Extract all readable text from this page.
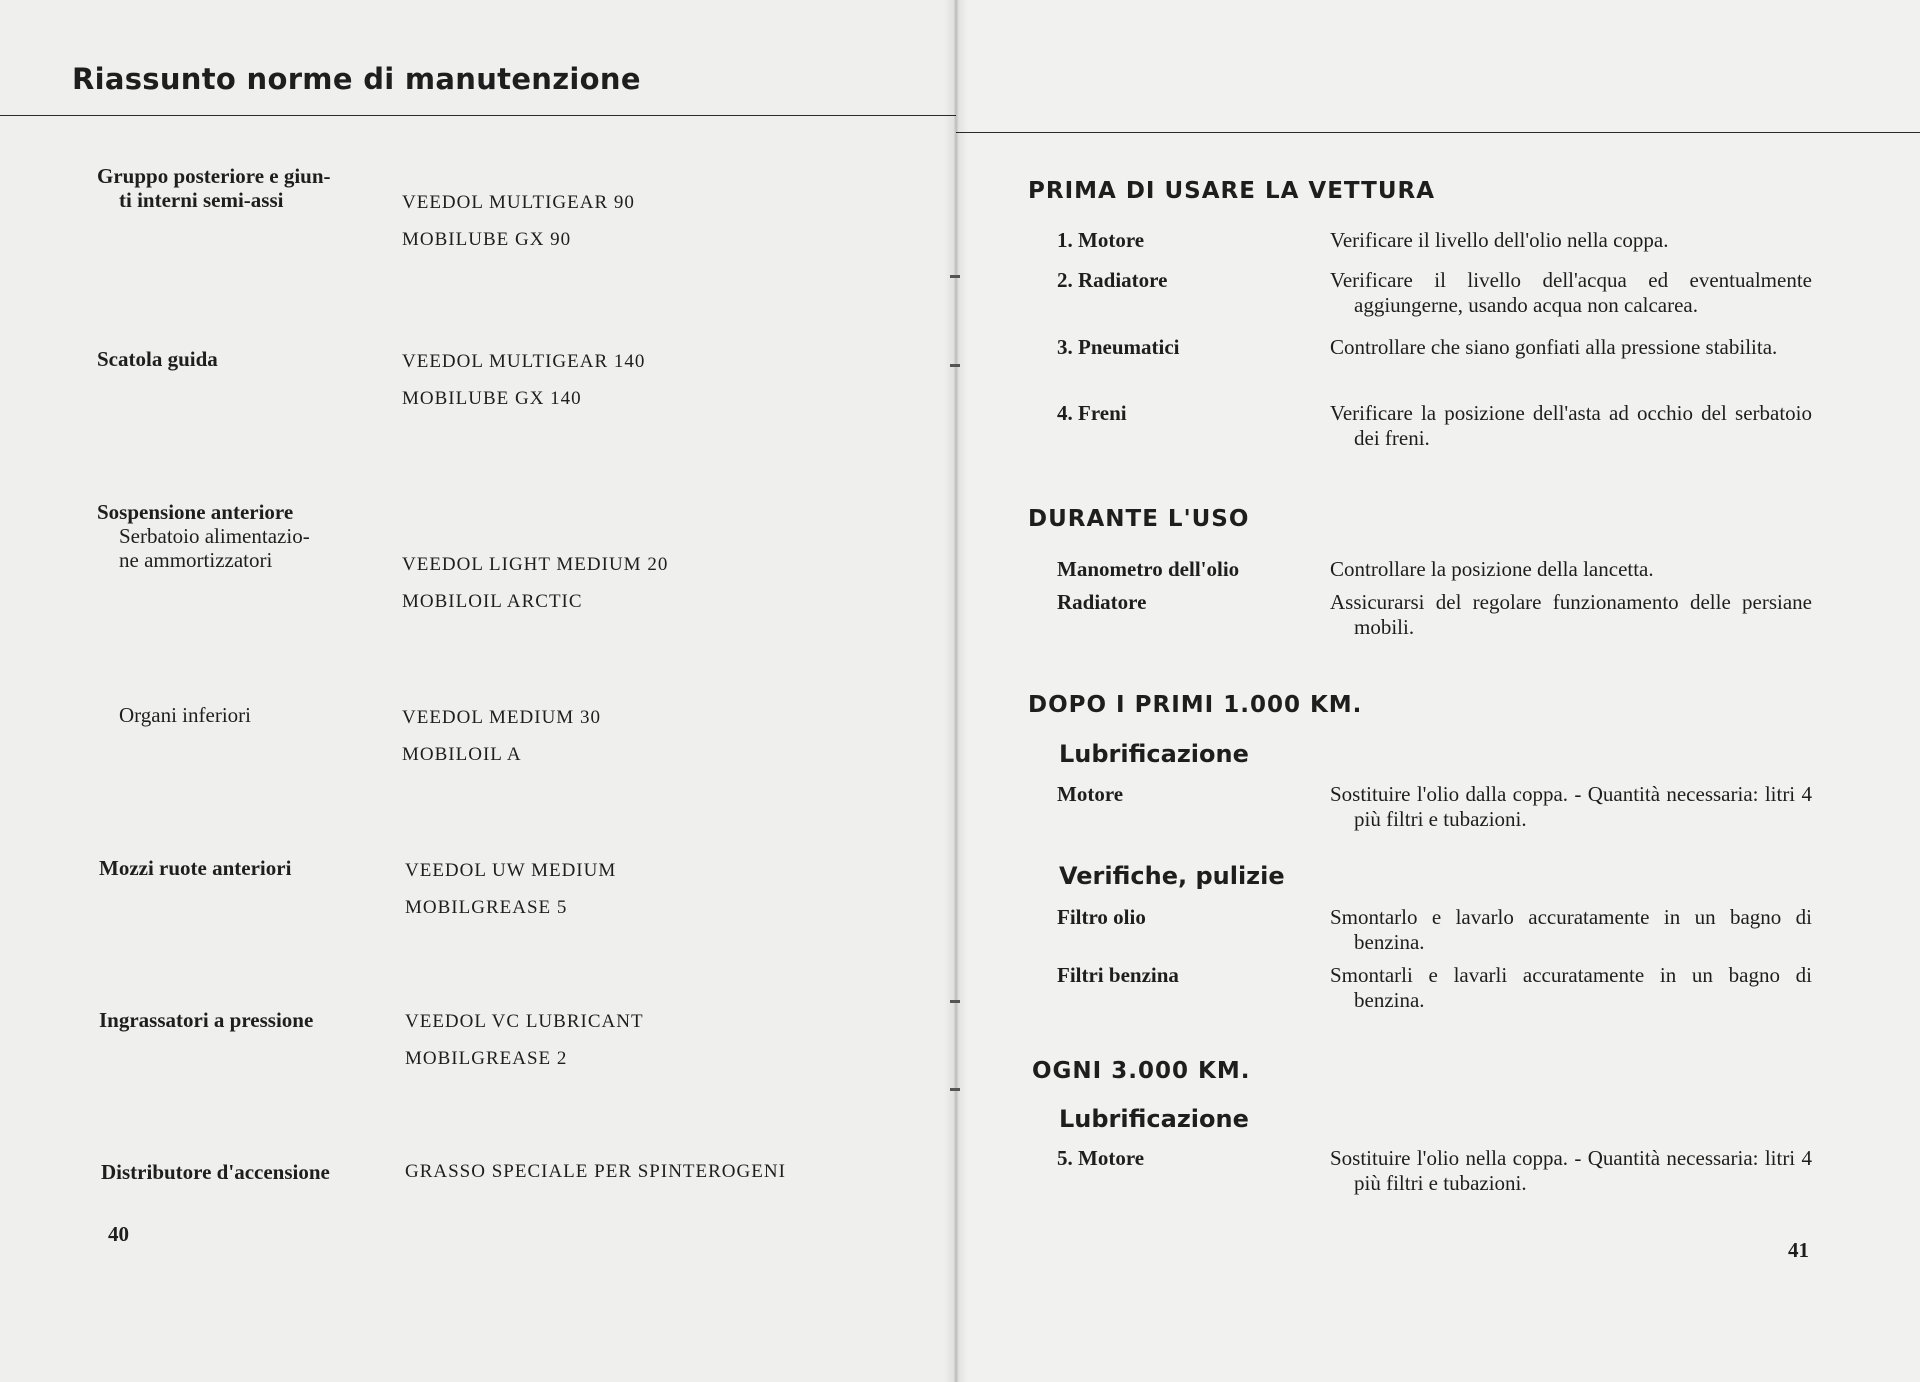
Riassunto norme di manutenzione
Gruppo posteriore e giun-
ti interni semi-assi	VEEDOL MULTIGEAR 90
MOBILUBE GX 90
Scatola guida	VEEDOL MULTIGEAR 140
MOBILUBE GX 140
Sospensione anteriore
Serbatoio alimentazio-
ne ammortizzatori	VEEDOL LIGHT MEDIUM 20
MOBILOIL ARCTIC
Organi inferiori	VEEDOL MEDIUM 30
MOBILOIL A
Mozzi ruote anteriori	VEEDOL UW MEDIUM
MOBILGREASE 5
Ingrassatori a pressione	VEEDOL VC LUBRICANT
MOBILGREASE 2
Distributore d'accensione	GRASSO SPECIALE PER SPINTEROGENI
40
PRIMA DI USARE LA VETTURA
1. Motore	Verificare il livello dell'olio nella coppa.
2. Radiatore	Verificare il livello dell'acqua ed eventualmente aggiungerne, usando acqua non calcarea.
3. Pneumatici	Controllare che siano gonfiati alla pressione stabilita.
4. Freni	Verificare la posizione dell'asta ad occhio del serbatoio dei freni.
DURANTE L'USO
Manometro dell'olio	Controllare la posizione della lancetta.
Radiatore	Assicurarsi del regolare funzionamento delle persiane mobili.
DOPO I PRIMI 1.000 KM.
Lubrificazione
Motore	Sostituire l'olio dalla coppa. - Quantità necessaria: litri 4 più filtri e tubazioni.
Verifiche, pulizie
Filtro olio	Smontarlo e lavarlo accuratamente in un bagno di benzina.
Filtri benzina	Smontarli e lavarli accuratamente in un bagno di benzina.
OGNI 3.000 KM.
Lubrificazione
5. Motore	Sostituire l'olio nella coppa. - Quantità necessaria: litri 4 più filtri e tubazioni.
41
